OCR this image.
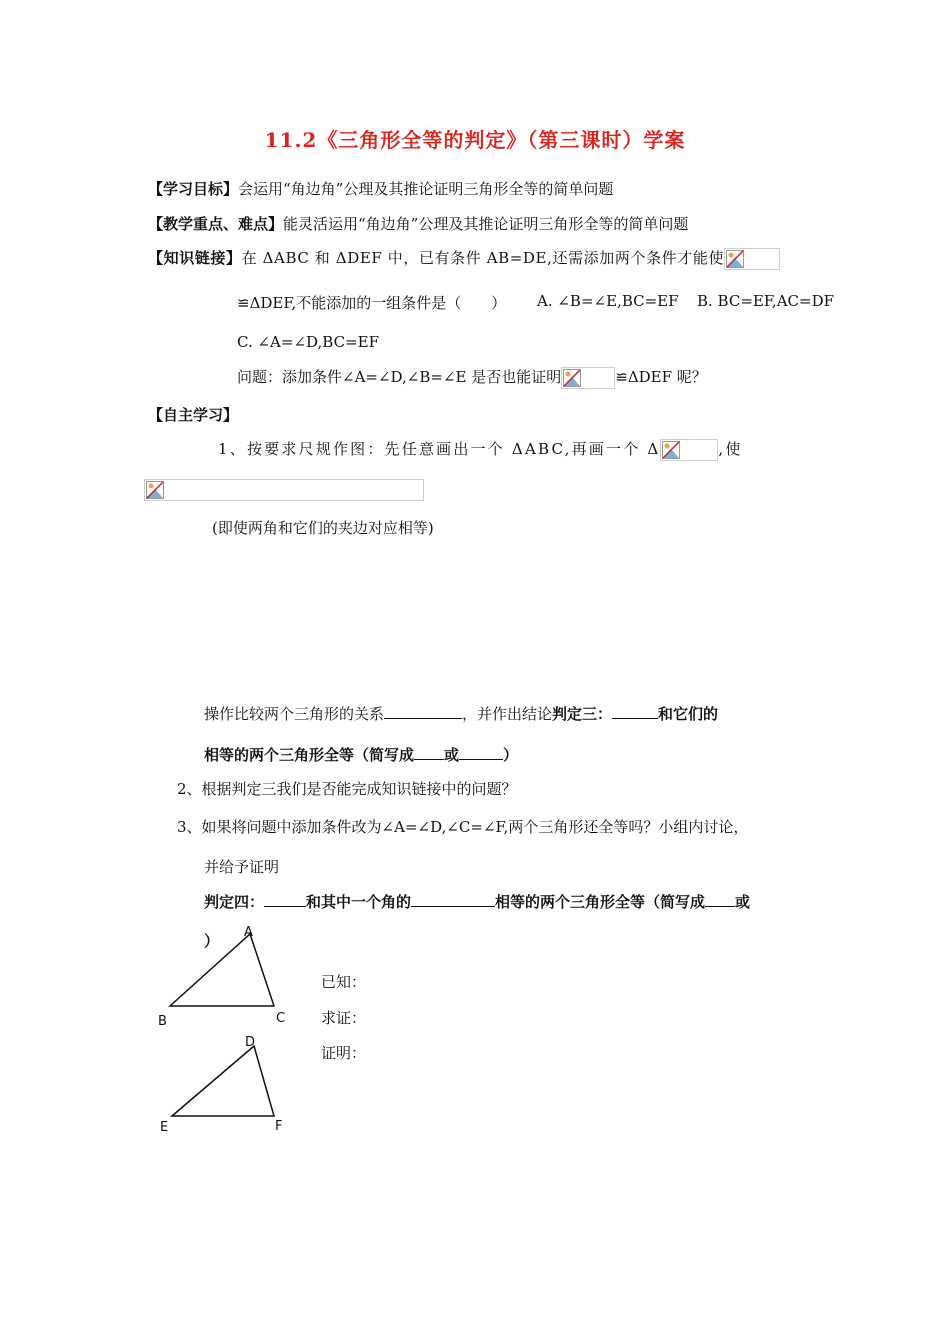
11.2《三角形全等的判定》（第三课时）学案
【学习目标】会运用“角边角”公理及其推论证明三角形全等的简单问题
【教学重点、难点】能灵活运用“角边角”公理及其推论证明三角形全等的简单问题
【知识链接】在 ΔABC 和 ΔDEF 中，已有条件 AB=DE,还需添加两个条件才能使
≌ΔDEF,不能添加的一组条件是（　　） A. ∠B=∠E,BC=EF B. BC=EF,AC=DF
C. ∠A=∠D,BC=EF
问题：添加条件∠A=∠D,∠B=∠E 是否也能证明	≌ΔDEF 呢？
【自主学习】
1、按要求尺规作图：先任意画出一个 ΔABC,再画一个 Δ	,使
(即使两角和它们的夹边对应相等)
操作比较两个三角形的关系	，并作出结论判定三：	和它们的
相等的两个三角形全等（简写成 或	）
2、根据判定三我们是否能完成知识链接中的问题？
3、如果将问题中添加条件改为∠A=∠D,∠C=∠F,两个三角形还全等吗？小组内讨论，
并给予证明
判定四：	和其中一个角的	相等的两个三角形全等（简写成 或
） A
B	C
D
E	F
已知：
求证：
证明：
